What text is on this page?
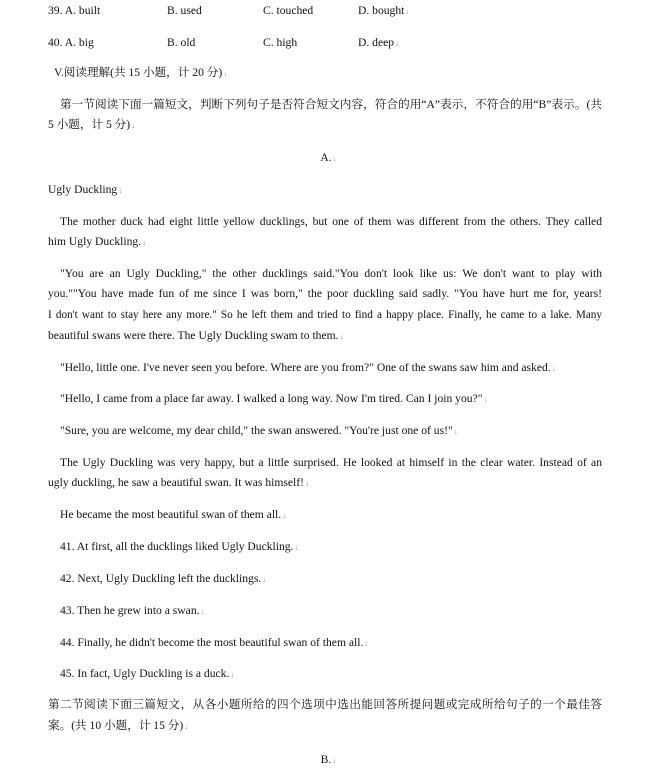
39. A. built	B. used	C. touched	D. bought↓
40. A. big	B. old	C. high	D. deep↓
V.阅读理解(共 15 小题，计 20 分)↓
第一节阅读下面一篇短文，判断下列句子是否符合短文内容，符合的用“A”表示，不符合的用“B”表示。(共
5 小题，计 5 分)↓
A.↓
Ugly Duckling↓
The mother duck had eight little yellow ducklings, but one of them was different from the others. They called
him Ugly Duckling.↓
"You are an Ugly Duckling," the other ducklings said."You don't look like us: We don't want to play with
you.""You have made fun of me since I was born," the poor duckling said sadly. "You have hurt me for, years!
I don't want to stay here any more." So he left them and tried to find a happy place. Finally, he came to a lake. Many
beautiful swans were there. The Ugly Duckling swam to them.↓
"Hello, little one. I've never seen you before. Where are you from?" One of the swans saw him and asked.↓
"Hello, I came from a place far away. I walked a long way. Now I'm tired. Can I join you?"↓
"Sure, you are welcome, my dear child," the swan answered. "You're just one of us!"↓
The Ugly Duckling was very happy, but a little surprised. He looked at himself in the clear water. Instead of an
ugly duckling, he saw a beautiful swan. It was himself!↓
He became the most beautiful swan of them all.↓
41. At first, all the ducklings liked Ugly Duckling.↓
42. Next, Ugly Duckling left the ducklings.↓
43. Then he grew into a swan.↓
44. Finally, he didn't become the most beautiful swan of them all.↓
45. In fact, Ugly Duckling is a duck.↓
第二节阅读下面三篇短文，从各小题所给的四个选项中选出能回答所提问题或完成所给句子的一个最佳答
案。(共 10 小题，计 15 分)↓
B.↓
